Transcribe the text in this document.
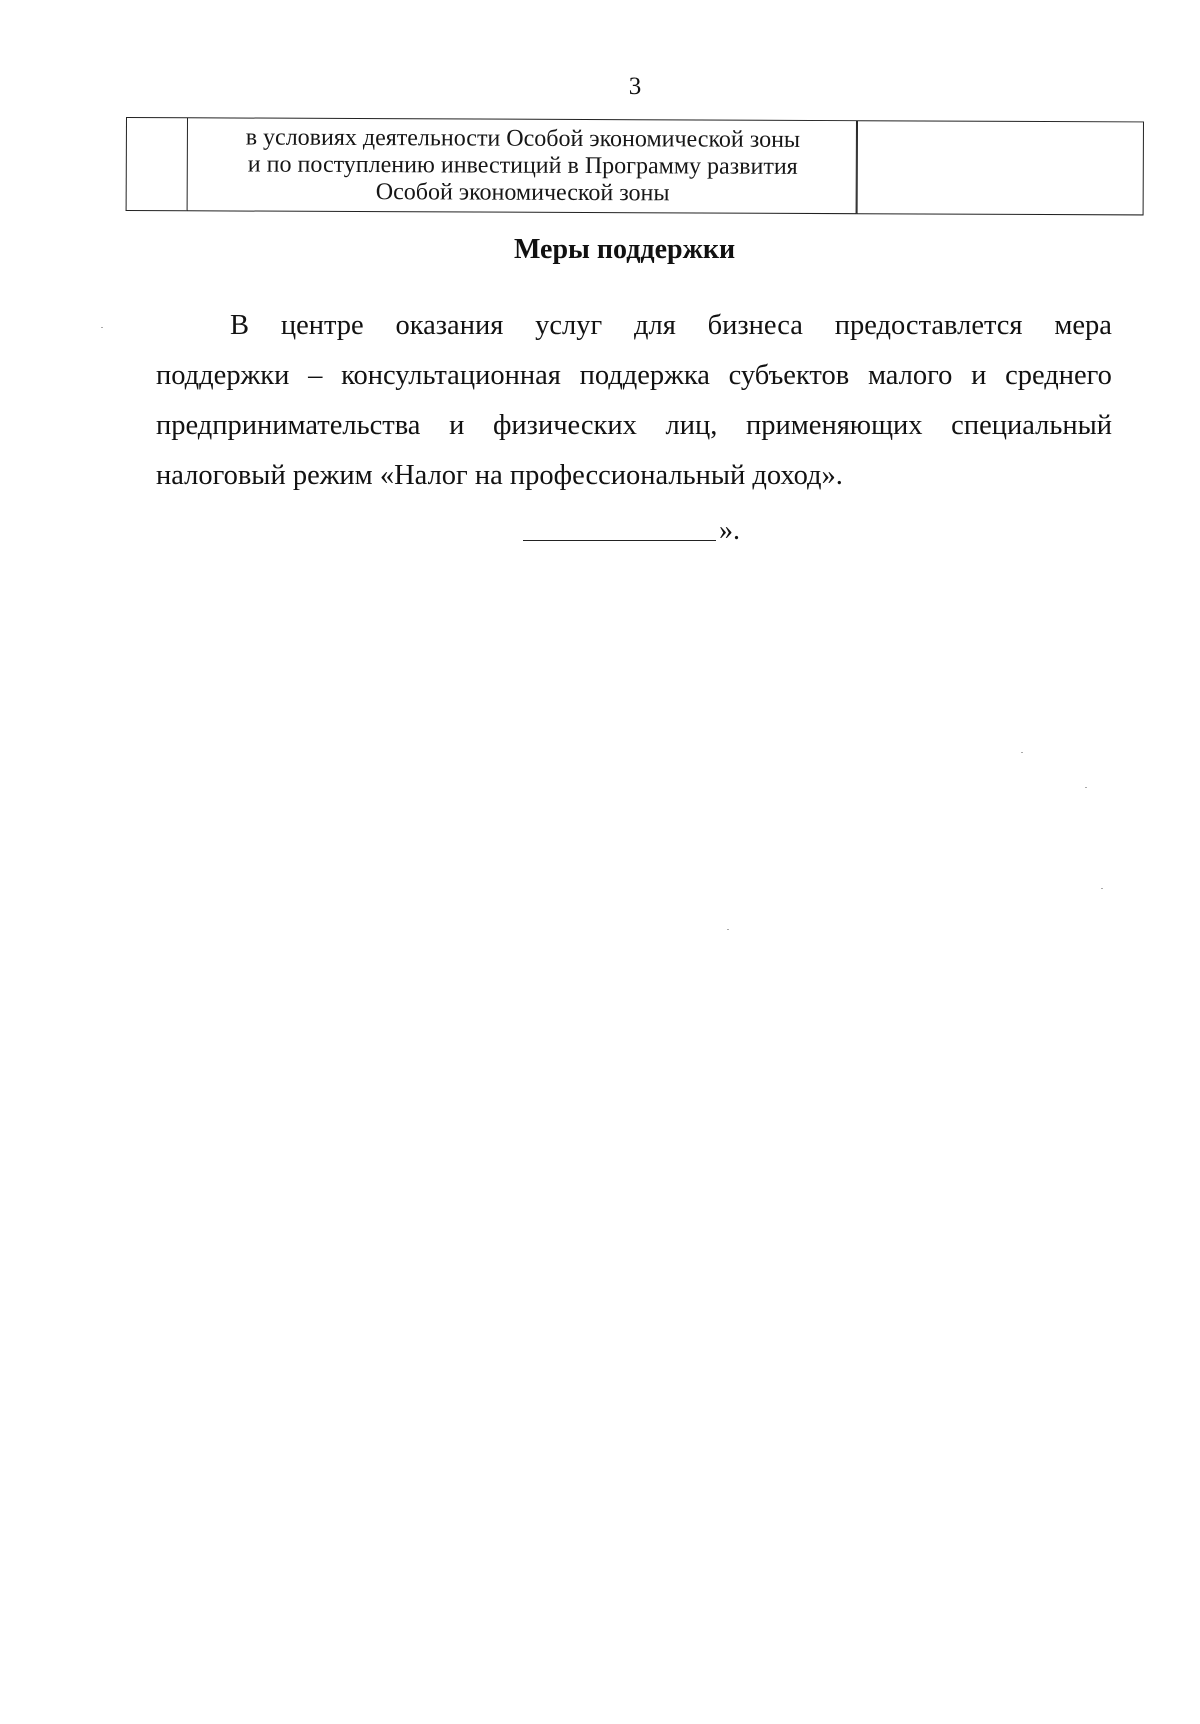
3
в условиях деятельности Особой экономической зоны
и по поступлению инвестиций в Программу развития
Особой экономической зоны
Меры поддержки
В центре оказания услуг для бизнеса предоставлется мера
поддержки – консультационная поддержка субъектов малого и среднего
предпринимательства и физических лиц, применяющих специальный
налоговый режим «Налог на профессиональный доход».
».
